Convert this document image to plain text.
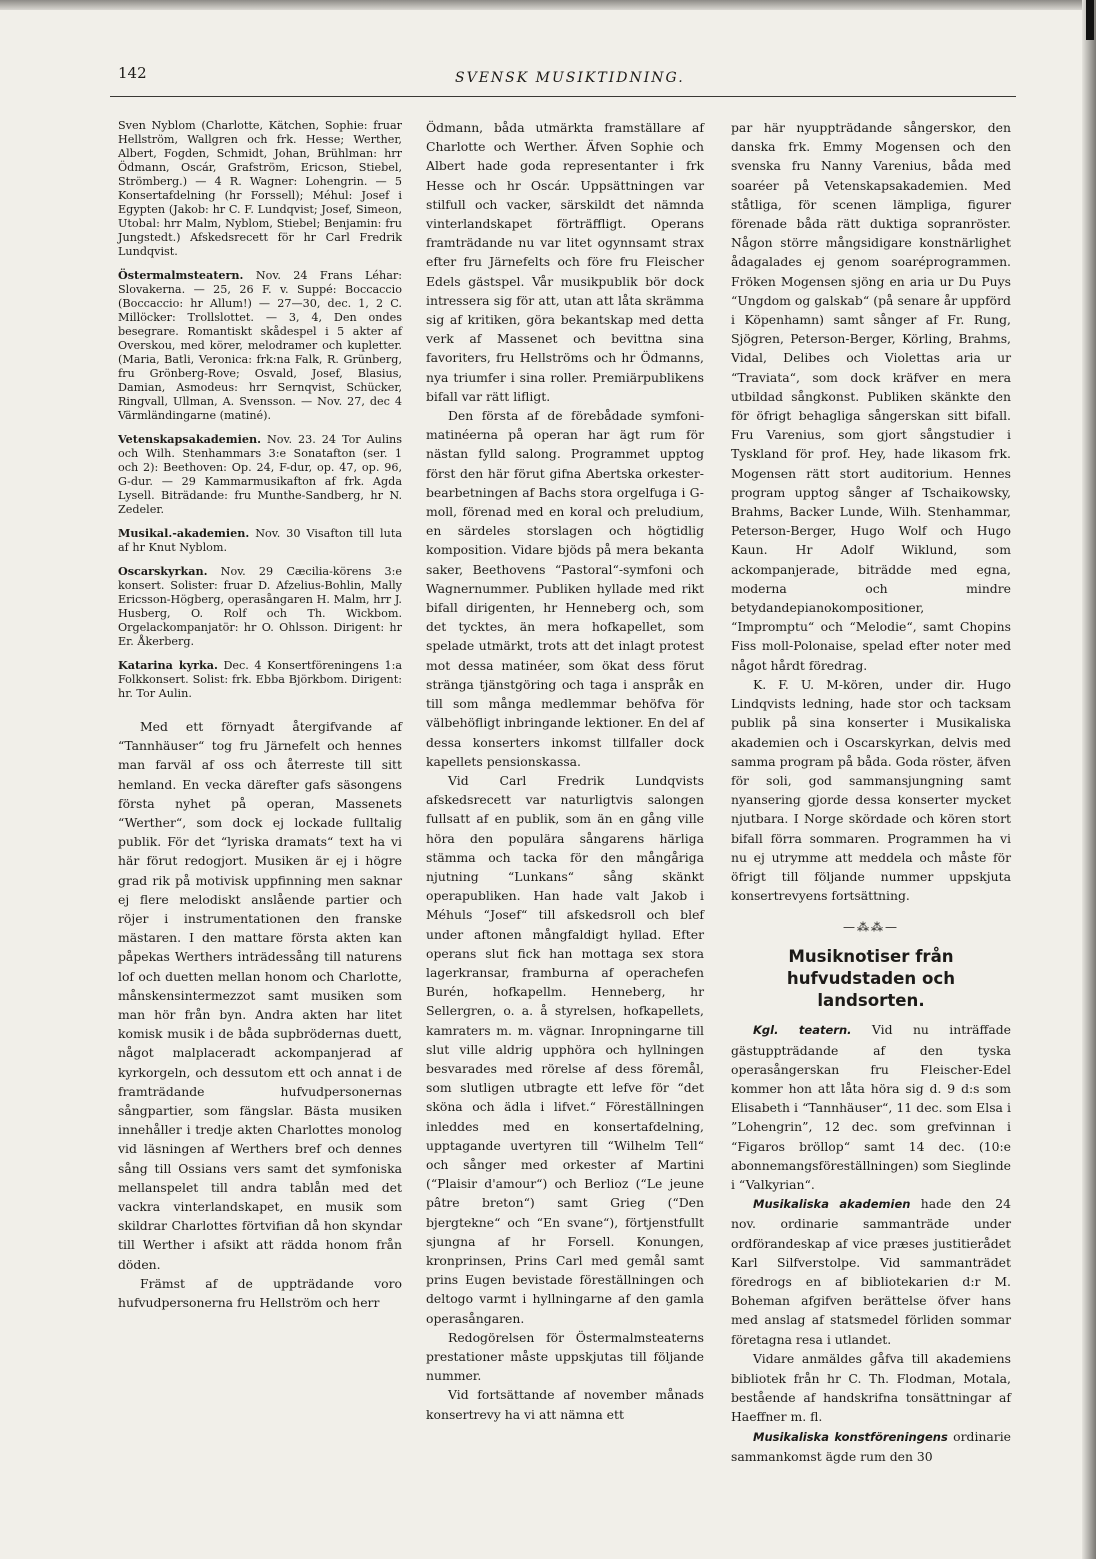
142	SVENSK MUSIKTIDNING.
Sven Nyblom (Charlotte, Kätchen, Sophie: fruar Hellström, Wallgren och frk. Hesse; Werther, Albert, Fogden, Schmidt, Johan, Brühlman: hrr Ödmann, Oscár, Grafström, Ericson, Stiebel, Strömberg.) — 4 R. Wagner: Lohengrin. — 5 Konsertafdelning (hr Forssell); Méhul: Josef i Egypten (Jakob: hr C. F. Lundqvist; Josef, Simeon, Utobal: hrr Malm, Nyblom, Stiebel; Benjamin: fru Jungstedt.) Afskedsrecett för hr Carl Fredrik Lundqvist.
Östermalmsteatern. Nov. 24 Frans Léhar: Slovakerna. — 25, 26 F. v. Suppé: Boccaccio (Boccaccio: hr Allum!) — 27—30, dec. 1, 2 C. Millöcker: Trollslottet. — 3, 4, Den ondes besegrare. Romantiskt skådespel i 5 akter af Overskou, med körer, melodramer och kupletter. (Maria, Batli, Veronica: frk:na Falk, R. Grünberg, fru Grönberg-Rove; Osvald, Josef, Blasius, Damian, Asmodeus: hrr Sernqvist, Schücker, Ringvall, Ullman, A. Svensson. — Nov. 27, dec 4 Värmländingarne (matiné).
Vetenskapsakademien. Nov. 23. 24 Tor Aulins och Wilh. Stenhammars 3:e Sonatafton (ser. 1 och 2): Beethoven: Op. 24, F-dur, op. 47, op. 96, G-dur. — 29 Kammarmusikafton af frk. Agda Lysell. Biträdande: fru Munthe-Sandberg, hr N. Zedeler.
Musikal.-akademien. Nov. 30 Visafton till luta af hr Knut Nyblom.
Oscarskyrkan. Nov. 29 Cæcilia-körens 3:e konsert. Solister: fruar D. Afzelius-Bohlin, Mally Ericsson-Högberg, operasångaren H. Malm, hrr J. Husberg, O. Rolf och Th. Wickbom. Orgelackompanjatör: hr O. Ohlsson. Dirigent: hr Er. Åkerberg.
Katarina kyrka. Dec. 4 Konsertföreningens 1:a Folkkonsert. Solist: frk. Ebba Björkbom. Dirigent: hr. Tor Aulin.

Med ett förnyadt återgifvande af “Tannhäuser“ tog fru Järnefelt och hennes man farväl af oss och återreste till sitt hemland. En vecka därefter gafs säsongens första nyhet på operan, Massenets “Werther“, som dock ej lockade fulltalig publik. För det “lyriska dramats“ text ha vi här förut redogjort. Musiken är ej i högre grad rik på motivisk uppfinning men saknar ej flere melodiskt anslående partier och röjer i instrumentationen den franske mästaren. I den mattare första akten kan påpekas Werthers inträdessång till naturens lof och duetten mellan honom och Charlotte, månskensintermezzot samt musiken som man hör från byn. Andra akten har litet komisk musik i de båda supbrödernas duett, något malplaceradt ackompanjerad af kyrkorgeln, och dessutom ett och annat i de framträdande hufvudpersonernas sångpartier, som fängslar. Bästa musiken innehåller i tredje akten Charlottes monolog vid läsningen af Werthers bref och dennes sång till Ossians vers samt det symfoniska mellanspelet till andra tablån med det vackra vinterlandskapet, en musik som skildrar Charlottes förtvifian då hon skyndar till Werther i afsikt att rädda honom från döden.

Främst af de uppträdande voro hufvudpersonerna fru Hellström och herr

Ödmann, båda utmärkta framställare af Charlotte och Werther. Äfven Sophie och Albert hade goda representanter i frk Hesse och hr Oscár. Uppsättningen var stilfull och vacker, särskildt det nämnda vinterlandskapet förträffligt. Operans framträdande nu var litet ogynnsamt strax efter fru Järnefelts och före fru Fleischer Edels gästspel. Vår musikpublik bör dock intressera sig för att, utan att låta skrämma sig af kritiken, göra bekantskap med detta verk af Massenet och bevittna sina favoriters, fru Hellströms och hr Ödmanns, nya triumfer i sina roller. Premiärpublikens bifall var rätt lifligt.

Den första af de förebådade symfoni-matinéerna på operan har ägt rum för nästan fylld salong. Programmet upptog först den här förut gifna Abertska orkester-bearbetningen af Bachs stora orgelfuga i G-moll, förenad med en koral och preludium, en särdeles storslagen och högtidlig komposition. Vidare bjöds på mera bekanta saker, Beethovens “Pastoral“-symfoni och Wagnernummer. Publiken hyllade med rikt bifall dirigenten, hr Henneberg och, som det tycktes, än mera hofkapellet, som spelade utmärkt, trots att det inlagt protest mot dessa matinéer, som ökat dess förut stränga tjänstgöring och taga i anspråk en till som många medlemmar behöfva för välbehöfligt inbringande lektioner. En del af dessa konserters inkomst tillfaller dock kapellets pensionskassa.

Vid Carl Fredrik Lundqvists afskedsrecett var naturligtvis salongen fullsatt af en publik, som än en gång ville höra den populära sångarens härliga stämma och tacka för den mångåriga njutning “Lunkans“ sång skänkt operapubliken. Han hade valt Jakob i Méhuls “Josef“ till afskedsroll och blef under aftonen mångfaldigt hyllad. Efter operans slut fick han mottaga sex stora lagerkransar, framburna af operachefen Burén, hofkapellm. Henneberg, hr Sellergren, o. a. å styrelsen, hofkapellets, kamraters m. m. vägnar. Inropningarne till slut ville aldrig upphöra och hyllningen besvarades med rörelse af dess föremål, som slutligen utbragte ett lefve för “det sköna och ädla i lifvet.“ Föreställningen inleddes med en konsertafdelning, upptagande uvertyren till “Wilhelm Tell“ och sånger med orkester af Martini (“Plaisir d'amour“) och Berlioz (“Le jeune pâtre breton“) samt Grieg (“Den bjergtekne“ och “En svane“), förtjenstfullt sjungna af hr Forsell. Konungen, kronprinsen, Prins Carl med gemål samt prins Eugen bevistade föreställningen och deltogo varmt i hyllningarne af den gamla operasångaren.

Redogörelsen för Östermalmsteaterns prestationer måste uppskjutas till följande nummer.

Vid fortsättande af november månads konsertrevy ha vi att nämna ett

par här nyuppträdande sångerskor, den danska frk. Emmy Mogensen och den svenska fru Nanny Varenius, båda med soaréer på Vetenskapsakademien. Med ståtliga, för scenen lämpliga, figurer förenade båda rätt duktiga sopranröster. Någon större mångsidigare konstnärlighet ådagalades ej genom soaréprogrammen. Fröken Mogensen sjöng en aria ur Du Puys “Ungdom og galskab“ (på senare år uppförd i Köpenhamn) samt sånger af Fr. Rung, Sjögren, Peterson-Berger, Körling, Brahms, Vidal, Delibes och Violettas aria ur “Traviata“, som dock kräfver en mera utbildad sångkonst. Publiken skänkte den för öfrigt behagliga sångerskan sitt bifall. Fru Varenius, som gjort sångstudier i Tyskland för prof. Hey, hade likasom frk. Mogensen rätt stort auditorium. Hennes program upptog sånger af Tschaikowsky, Brahms, Backer Lunde, Wilh. Stenhammar, Peterson-Berger, Hugo Wolf och Hugo Kaun. Hr Adolf Wiklund, som ackompanjerade, biträdde med egna, moderna och mindre betydandepianokompositioner, “Impromptu“ och “Melodie“, samt Chopins Fiss moll-Polonaise, spelad efter noter med något hårdt föredrag.

K. F. U. M-kören, under dir. Hugo Lindqvists ledning, hade stor och tacksam publik på sina konserter i Musikaliska akademien och i Oscarskyrkan, delvis med samma program på båda. Goda röster, äfven för soli, god sammansjungning samt nyansering gjorde dessa konserter mycket njutbara. I Norge skördade och kören stort bifall förra sommaren. Programmen ha vi nu ej utrymme att meddela och måste för öfrigt till följande nummer uppskjuta konsertrevyens fortsättning.

—⁂⁂—
Musiknotiser från hufvudstaden och landsorten.

Kgl. teatern. Vid nu inträffade gästuppträdande af den tyska operasångerskan fru Fleischer-Edel kommer hon att låta höra sig d. 9 d:s som Elisabeth i “Tannhäuser“, 11 dec. som Elsa i ”Lohengrin”, 12 dec. som grefvinnan i “Figaros bröllop“ samt 14 dec. (10:e abonnemangsföreställningen) som Sieglinde i “Valkyrian“.

Musikaliska akademien hade den 24 nov. ordinarie sammanträde under ordförandeskap af vice præses justitierådet Karl Silfverstolpe. Vid sammanträdet föredrogs en af bibliotekarien d:r M. Boheman afgifven berättelse öfver hans med anslag af statsmedel förliden sommar företagna resa i utlandet.

Vidare anmäldes gåfva till akademiens bibliotek från hr C. Th. Flodman, Motala, bestående af handskrifna tonsättningar af Haeffner m. fl.

Musikaliska konstföreningens ordinarie sammankomst ägde rum den 30
